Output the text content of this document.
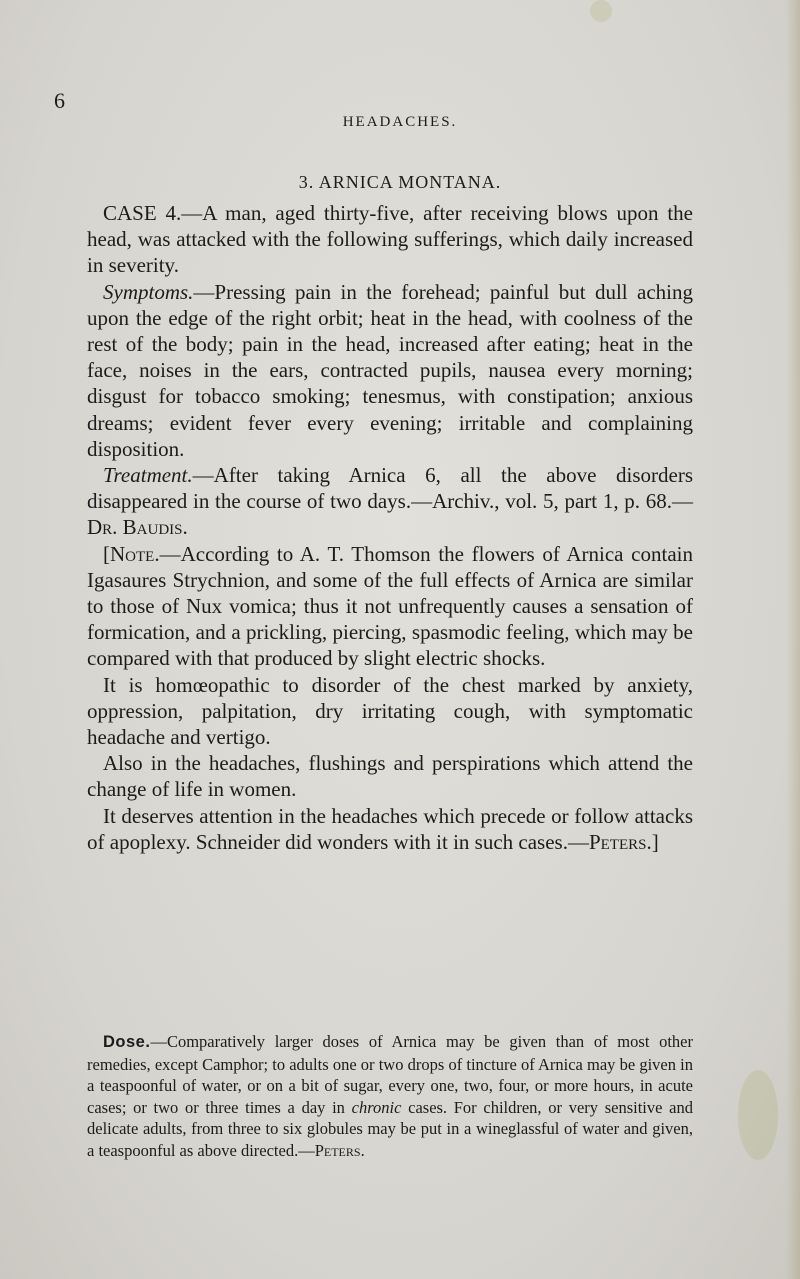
6
HEADACHES.
3. ARNICA MONTANA.

CASE 4.—A man, aged thirty-five, after receiving blows upon the head, was attacked with the following sufferings, which daily increased in severity.

Symptoms.—Pressing pain in the forehead; painful but dull aching upon the edge of the right orbit; heat in the head, with coolness of the rest of the body; pain in the head, increased after eating; heat in the face, noises in the ears, contracted pupils, nausea every morning; disgust for tobacco smoking; tenesmus, with constipation; anxious dreams; evident fever every evening; irritable and complaining disposition.

Treatment.—After taking Arnica 6, all the above disorders disappeared in the course of two days.—Archiv., vol. 5, part 1, p. 68.—Dr. Baudis.

[Note.—According to A. T. Thomson the flowers of Arnica contain Igasaures Strychnion, and some of the full effects of Arnica are similar to those of Nux vomica; thus it not unfrequently causes a sensation of formication, and a prickling, piercing, spasmodic feeling, which may be compared with that produced by slight electric shocks.

It is homœopathic to disorder of the chest marked by anxiety, oppression, palpitation, dry irritating cough, with symptomatic headache and vertigo.

Also in the headaches, flushings and perspirations which attend the change of life in women.

It deserves attention in the headaches which precede or follow attacks of apoplexy. Schneider did wonders with it in such cases.—Peters.]

Dose.—Comparatively larger doses of Arnica may be given than of most other remedies, except Camphor; to adults one or two drops of tincture of Arnica may be given in a teaspoonful of water, or on a bit of sugar, every one, two, four, or more hours, in acute cases; or two or three times a day in chronic cases. For children, or very sensitive and delicate adults, from three to six globules may be put in a wineglassful of water and given, a teaspoonful as above directed.—Peters.
